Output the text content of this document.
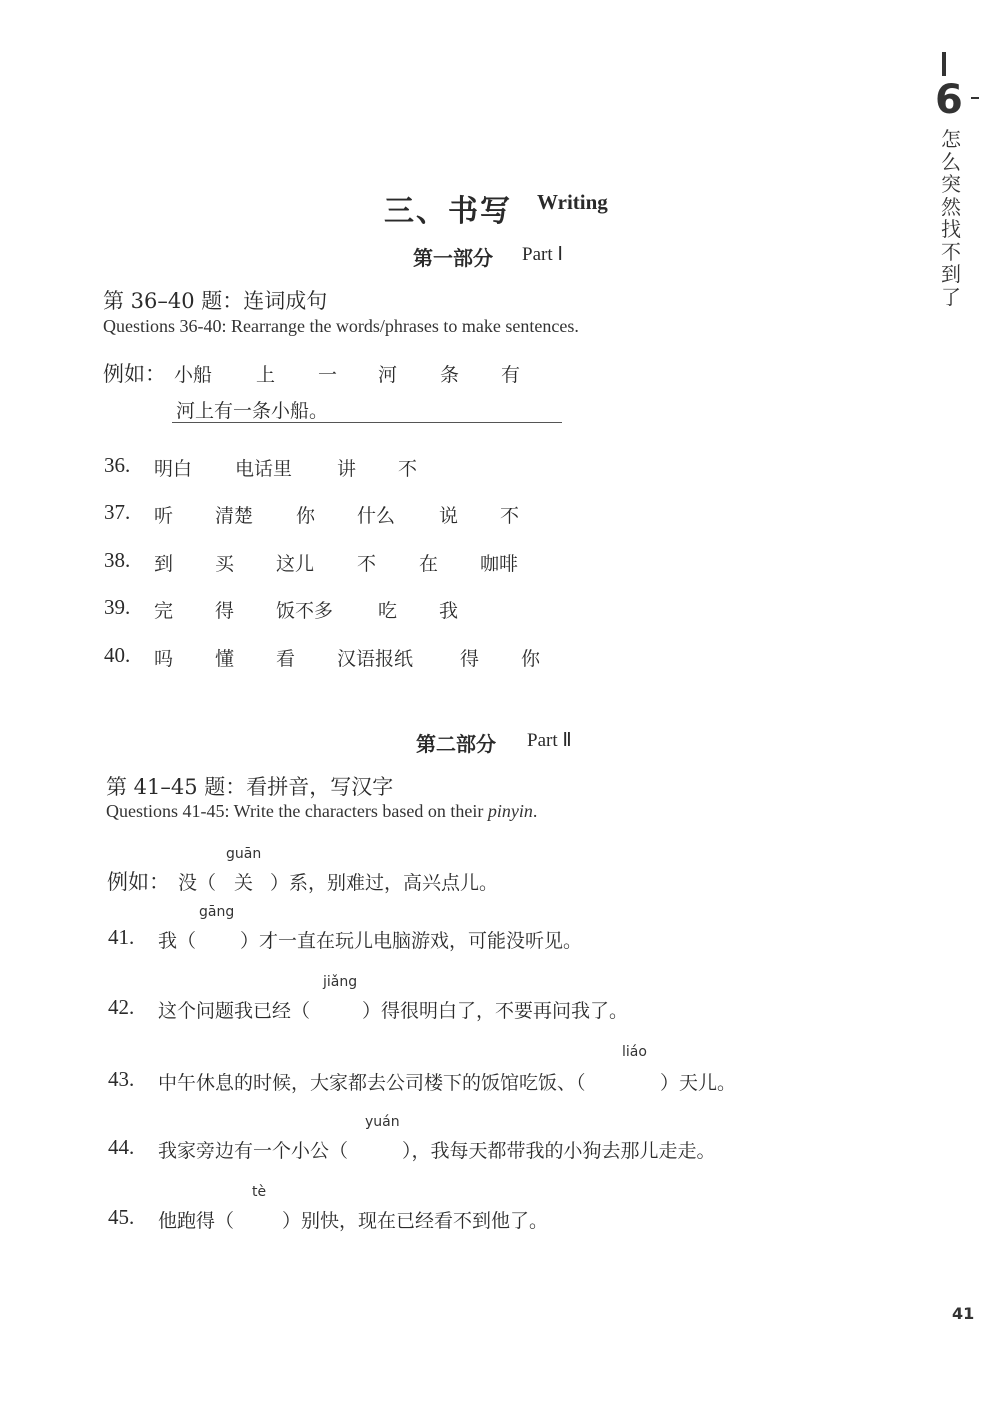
6
怎么突然找不到了
三、书写 Writing
第一部分 Part Ⅰ
第 36–40 题：连词成句
Questions 36-40: Rearrange the words/phrases to make sentences.
例如： 小船 上 一 河 条 有
河上有一条小船。
36. 明白 电话里 讲 不
37. 听 清楚 你 什么 说 不
38. 到 买 这儿 不 在 咖啡
39. 完 得 饭不多 吃 我
40. 吗 懂 看 汉语报纸 得 你
第二部分 Part Ⅱ
第 41–45 题：看拼音，写汉字
Questions 41-45: Write the characters based on their pinyin.
guān
例如： 没（ 关 ）系，别难过，高兴点儿。
gāng
41. 我（ ）才一直在玩儿电脑游戏，可能没听见。
jiǎng
42. 这个问题我已经（	）得很明白了，不要再问我了。
liáo
43. 中午休息的时候，大家都去公司楼下的饭馆吃饭、（	）天儿。
yuán
44. 我家旁边有一个小公（	），我每天都带我的小狗去那儿走走。
tè
45. 他跑得（	）别快，现在已经看不到他了。
41
